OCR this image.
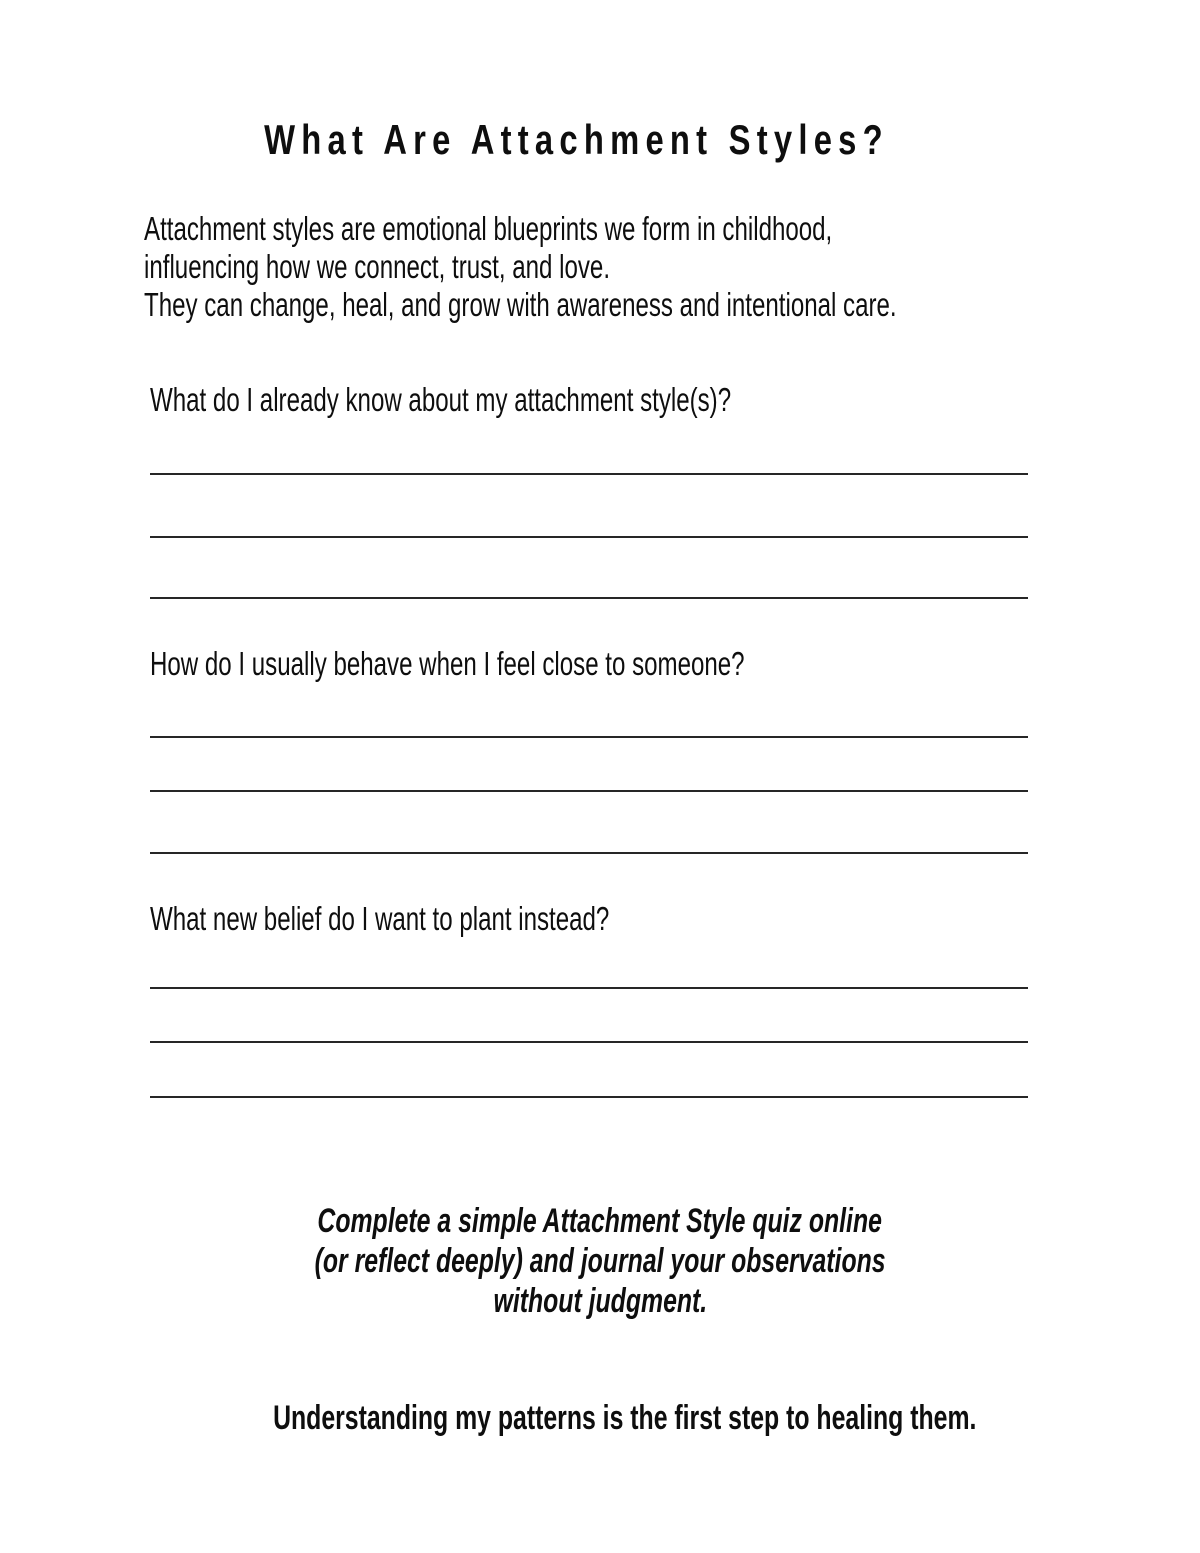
What Are Attachment Styles?
Attachment styles are emotional blueprints we form in childhood,
influencing how we connect, trust, and love.
They can change, heal, and grow with awareness and intentional care.
What do I already know about my attachment style(s)?
How do I usually behave when I feel close to someone?
What new belief do I want to plant instead?
Complete a simple Attachment Style quiz online
(or reflect deeply) and journal your observations
without judgment.
Understanding my patterns is the first step to healing them.
